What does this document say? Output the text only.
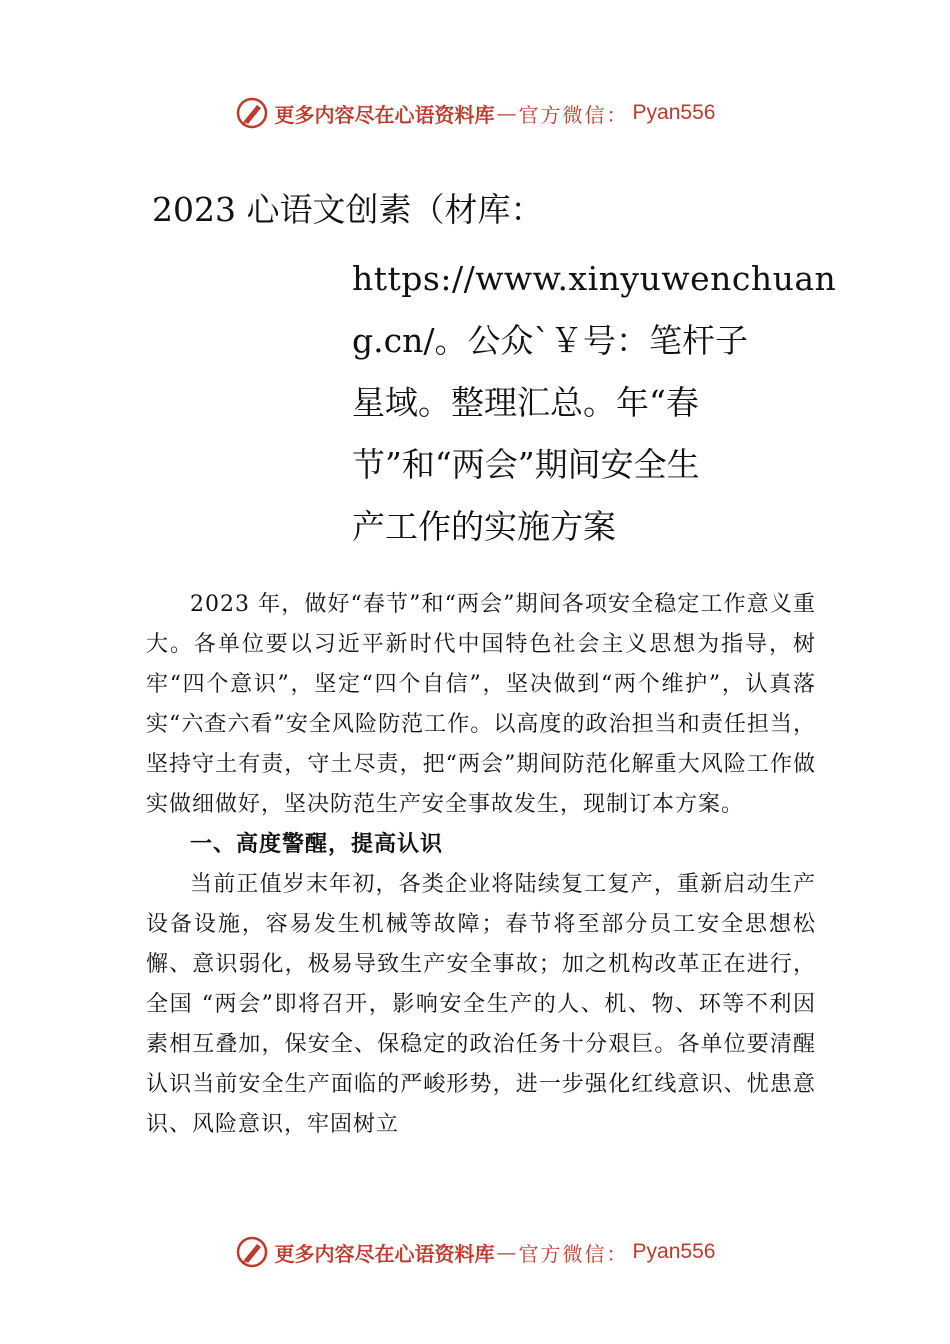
更多内容尽在心语资料库 — 官方微信： Pyan556
2023 心语文创素（材库：
https://www.xinyuwenchuan
g.cn/。公众`￥号：笔杆子
星域。整理汇总。年“春
节”和“两会”期间安全生
产工作的实施方案

2023 年，做好“春节”和“两会”期间各项安全稳定工作意义重大。各单位要以习近平新时代中国特色社会主义思想为指导，树牢“四个意识”，坚定“四个自信”，坚决做到“两个维护”，认真落实“六查六看”安全风险防范工作。以高度的政治担当和责任担当，坚持守土有责，守土尽责，把“两会”期间防范化解重大风险工作做实做细做好，坚决防范生产安全事故发生，现制订本方案。

一、高度警醒，提高认识

当前正值岁末年初，各类企业将陆续复工复产，重新启动生产设备设施，容易发生机械等故障；春节将至部分员工安全思想松懈、意识弱化，极易导致生产安全事故；加之机构改革正在进行，全国 “两会”即将召开，影响安全生产的人、机、物、环等不利因素相互叠加，保安全、保稳定的政治任务十分艰巨。各单位要清醒认识当前安全生产面临的严峻形势，进一步强化红线意识、忧患意识、风险意识，牢固树立

更多内容尽在心语资料库 — 官方微信： Pyan556
